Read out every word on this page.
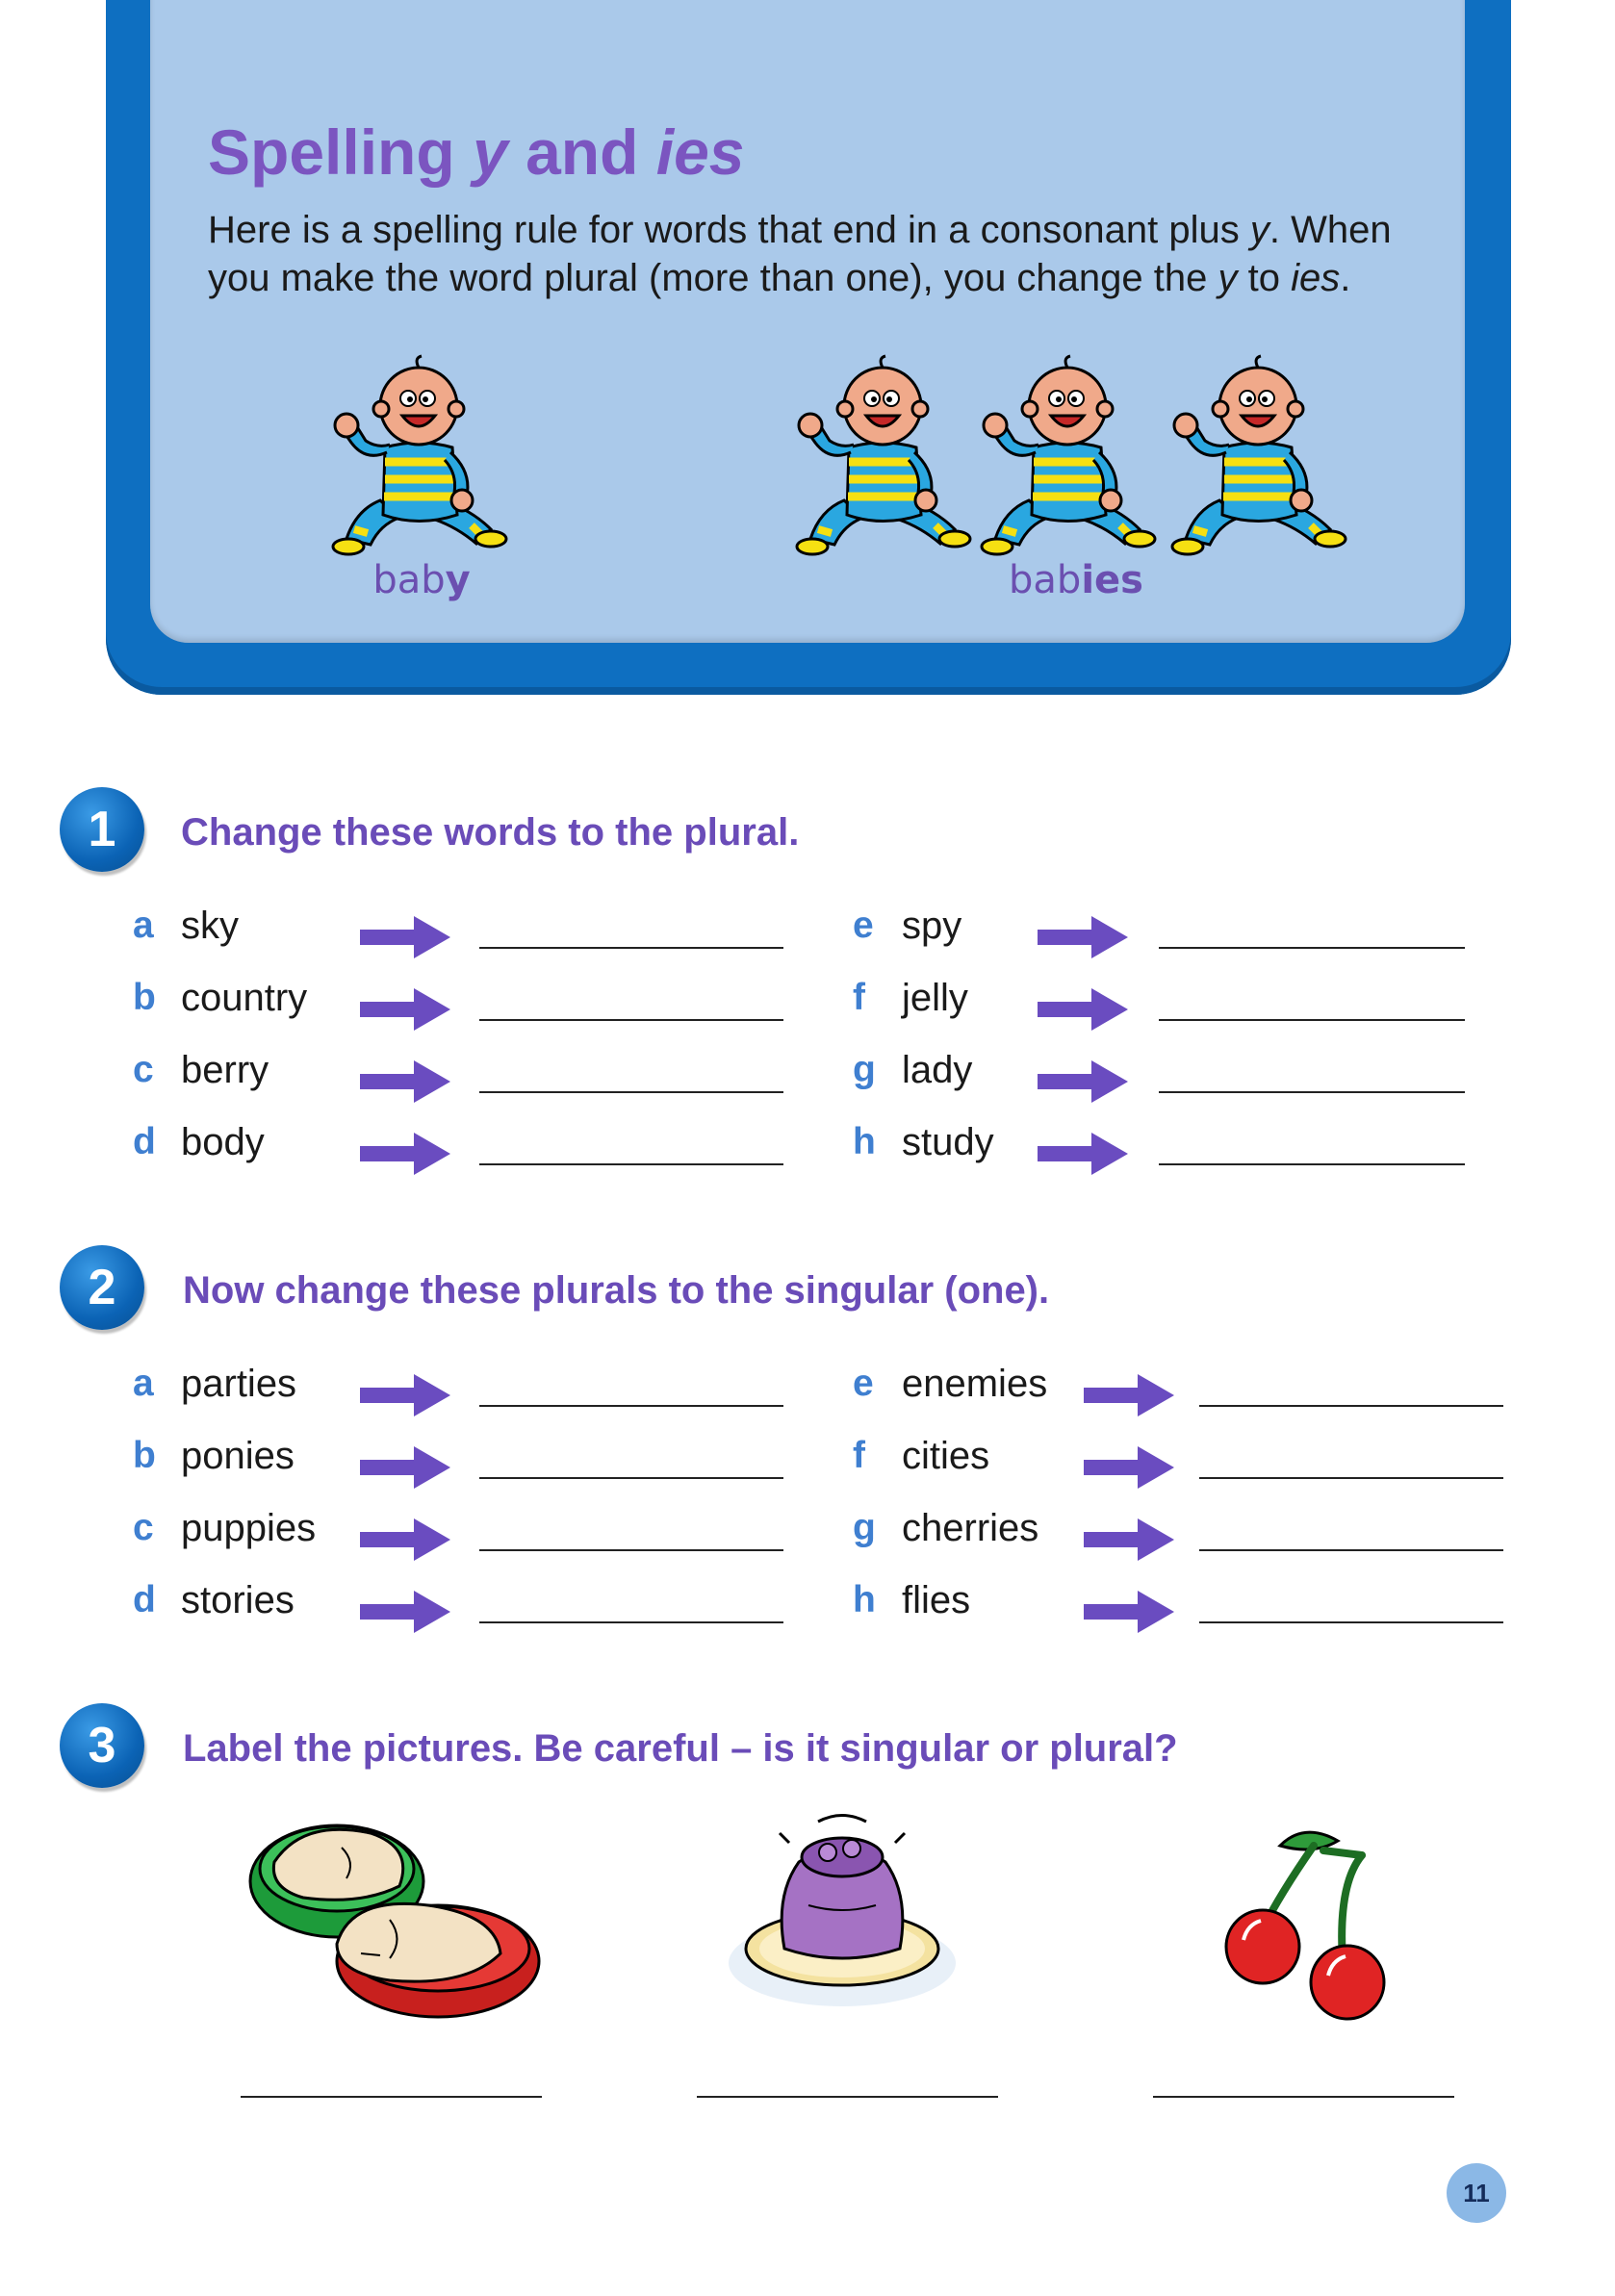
Spelling y and ies

Here is a spelling rule for words that end in a consonant plus y. When you make the word plural (more than one), you change the y to ies.

baby	babies
1	Change these words to the plural.
a sky
b country
c berry
d body
e spy
f jelly
g lady
h study
2	Now change these plurals to the singular (one).
a parties
b ponies
c puppies
d stories
e enemies
f cities
g cherries
h flies
3	Label the pictures. Be careful – is it singular or plural?
11
